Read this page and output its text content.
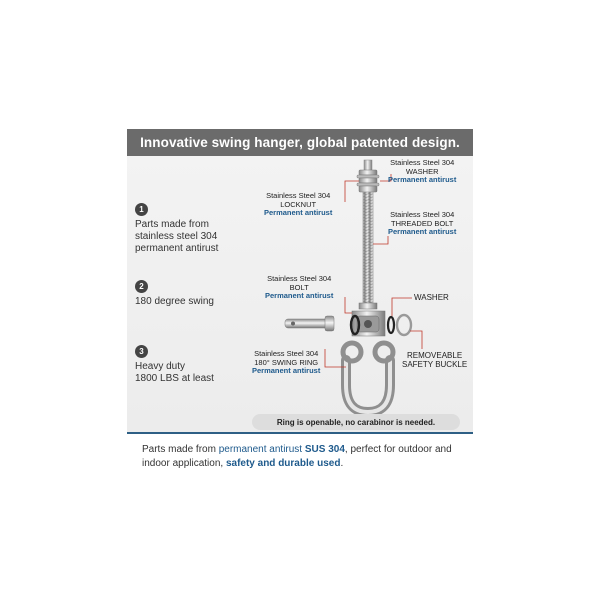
Innovative swing hanger, global patented design.
1
Parts made from
stainless steel 304
permanent antirust
2
180 degree swing
3
Heavy duty
1800 LBS at least
Stainless Steel 304
WASHER
Permanent antirust
Stainless Steel 304
LOCKNUT
Permanent antirust	Stainless Steel 304
THREADED BOLT
Permanent antirust
Stainless Steel 304
BOLT
Permanent antirust	WASHER
REMOVEABLE
SAFETY BUCKLE
Stainless Steel 304
180° SWING RING
Permanent antirust
Ring is openable, no carabinor is needed.
Parts made from permanent antirust SUS 304, perfect for outdoor and indoor application, safety and durable used.
